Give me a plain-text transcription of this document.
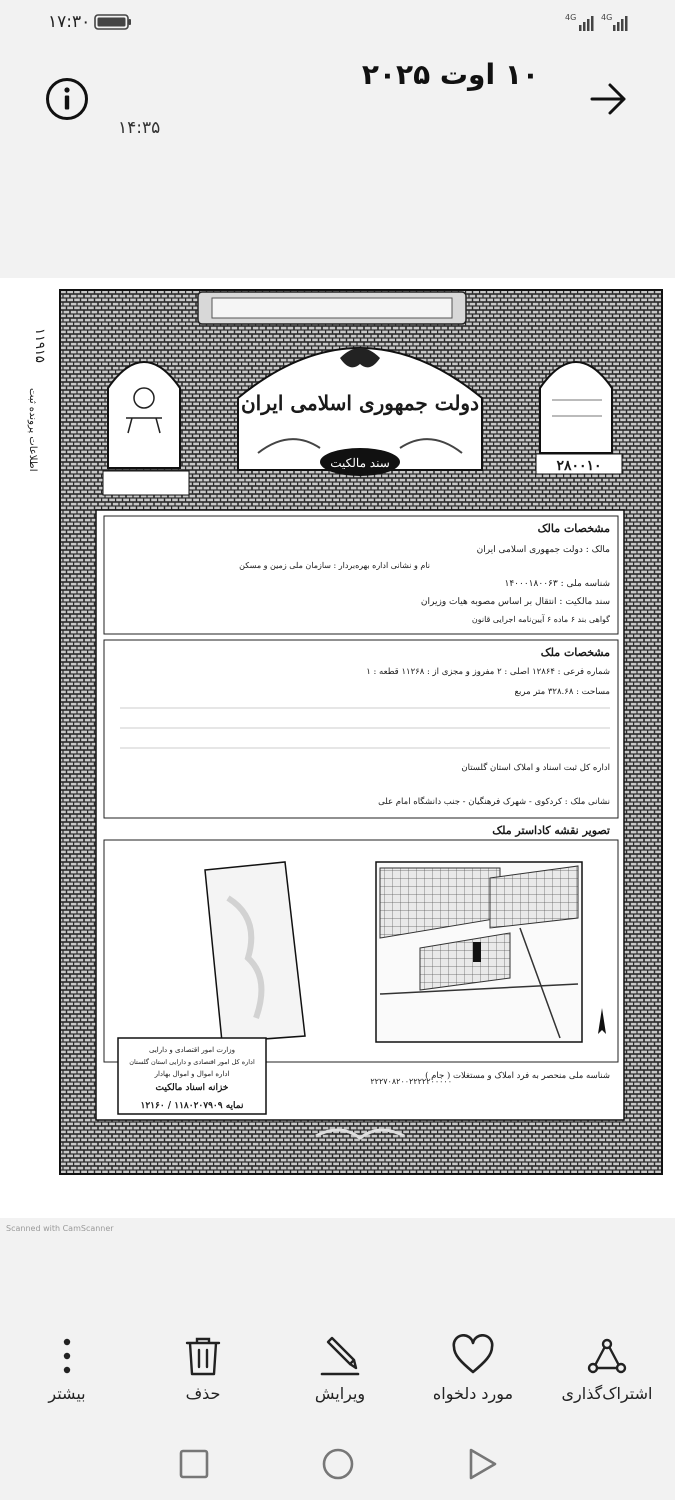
۱۷:۳۰	4G	4G
۱۰ اوت ۲۰۲۵
۱۴:۳۵
۱۱۹۱۵
اطلاعات پرونده ثبت	۲۸۰۰۱۰
دولت جمهوری اسلامی ایران
سند مالکیت
مشخصات مالک
مالک : دولت جمهوری اسلامی ایران
نام و نشانی اداره بهره‌بردار : سازمان ملی زمین و مسکن
شناسه ملی : ۱۴۰۰۰۱۸۰۰۶۳
سند مالکیت : انتقال بر اساس مصوبه هیات وزیران
گواهی بند ۶ ماده ۶ آیین‌نامه اجرایی قانون
مشخصات ملک
شماره فرعی : ۱۲۸۶۴ اصلی : ۲ مفروز و مجزی از : ۱۱۲۶۸ قطعه : ۱
مساحت : ۳۲۸.۶۸ متر مربع
اداره کل ثبت اسناد و املاک استان گلستان
نشانی ملک : کردکوی - شهرک فرهنگیان - جنب دانشگاه امام علی
تصویر نقشه کاداستر ملک
شناسه ملی منحصر به فرد املاک و مستغلات ( جام )
۲۲۲۷۰۸۲۰۰۲۲۲۲۲۰۰۰۰۰
وزارت امور اقتصادی و دارایی
اداره کل امور اقتصادی و دارایی استان گلستان
اداره اموال و اموال بهادار
خزانه اسناد مالکیت
نمایه ۱۱۸۰۲۰۷۹۰۹ / ۱۲۱۶۰
Scanned with CamScanner
اشتراک‌گذاری
مورد دلخواه
ویرایش
حذف
بیشتر
